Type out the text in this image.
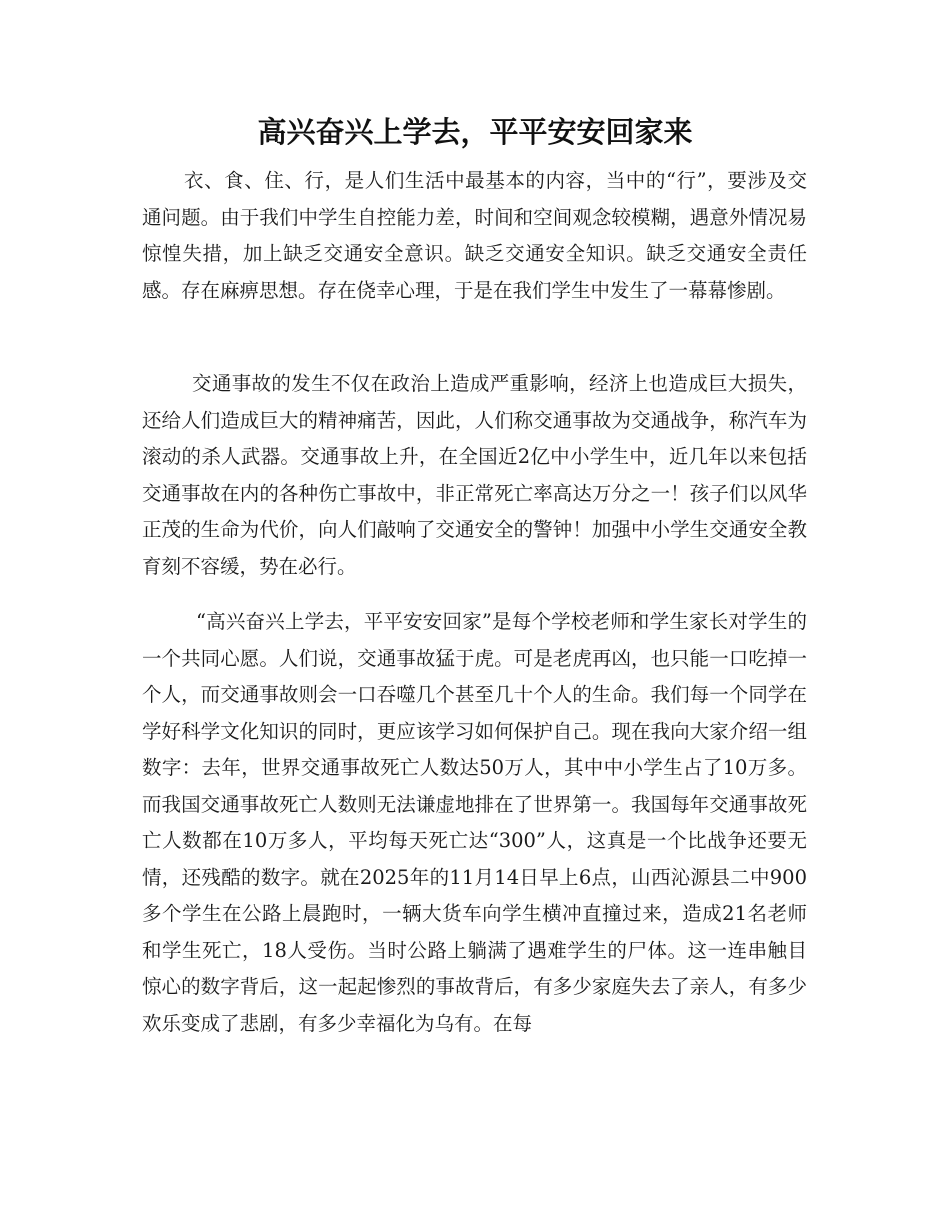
高兴奋兴上学去，平平安安回家来

衣、食、住、行，是人们生活中最基本的内容，当中的“行”，要涉及交通问题。由于我们中学生自控能力差，时间和空间观念较模糊，遇意外情况易惊惶失措，加上缺乏交通安全意识。缺乏交通安全知识。缺乏交通安全责任感。存在麻痹思想。存在侥幸心理，于是在我们学生中发生了一幕幕惨剧。

交通事故的发生不仅在政治上造成严重影响，经济上也造成巨大损失，还给人们造成巨大的精神痛苦，因此，人们称交通事故为交通战争，称汽车为滚动的杀人武器。交通事故上升，在全国近2亿中小学生中，近几年以来包括交通事故在内的各种伤亡事故中，非正常死亡率高达万分之一！孩子们以风华正茂的生命为代价，向人们敲响了交通安全的警钟！加强中小学生交通安全教育刻不容缓，势在必行。

“高兴奋兴上学去，平平安安回家”是每个学校老师和学生家长对学生的一个共同心愿。人们说，交通事故猛于虎。可是老虎再凶，也只能一口吃掉一个人，而交通事故则会一口吞噬几个甚至几十个人的生命。我们每一个同学在学好科学文化知识的同时，更应该学习如何保护自己。现在我向大家介绍一组数字：去年，世界交通事故死亡人数达50万人，其中中小学生占了10万多。而我国交通事故死亡人数则无法谦虚地排在了世界第一。我国每年交通事故死亡人数都在10万多人，平均每天死亡达“300”人，这真是一个比战争还要无情，还残酷的数字。就在2025年的11月14日早上6点，山西沁源县二中900多个学生在公路上晨跑时，一辆大货车向学生横冲直撞过来，造成21名老师和学生死亡，18人受伤。当时公路上躺满了遇难学生的尸体。这一连串触目惊心的数字背后，这一起起惨烈的事故背后，有多少家庭失去了亲人，有多少欢乐变成了悲剧，有多少幸福化为乌有。在每
